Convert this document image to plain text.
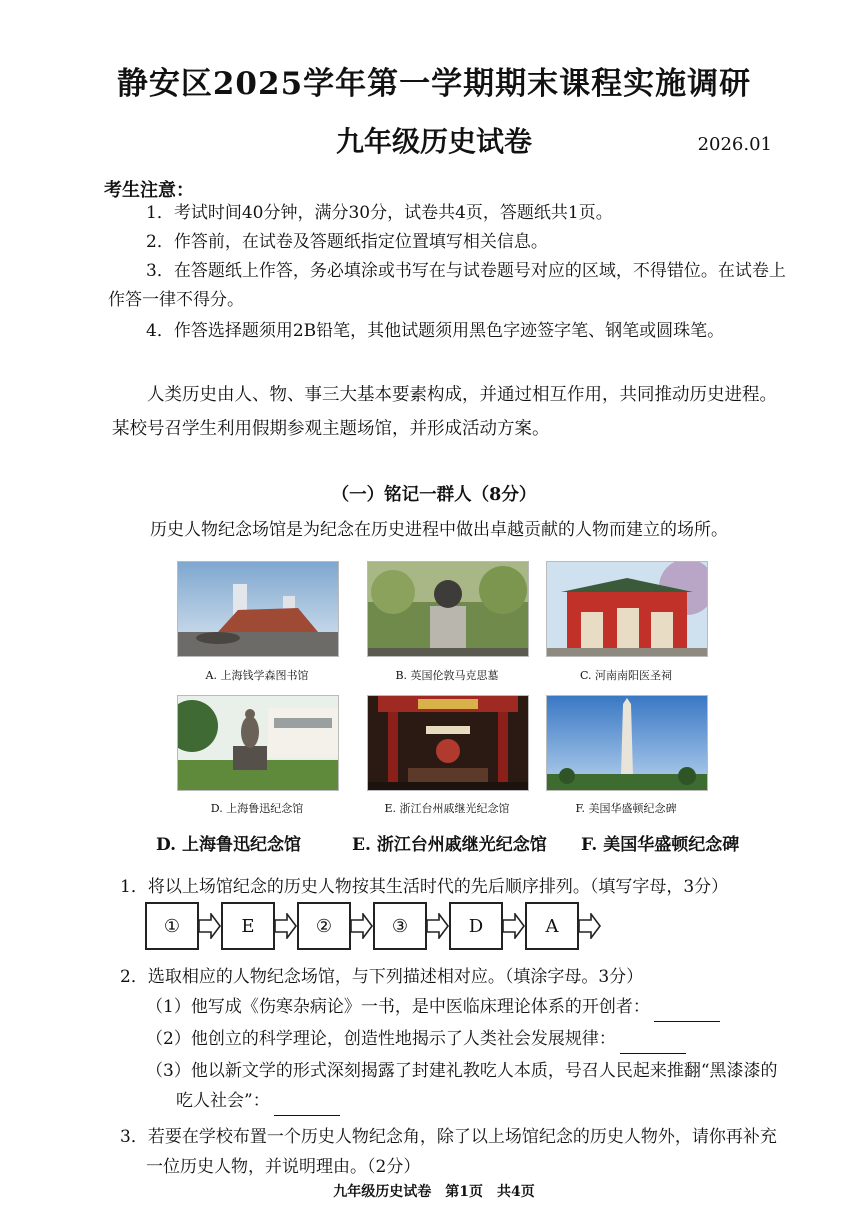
静安区2025学年第一学期期末课程实施调研
九年级历史试卷	2026.01
考生注意：
1．考试时间40分钟，满分30分，试卷共4页，答题纸共1页。
2．作答前，在试卷及答题纸指定位置填写相关信息。
3．在答题纸上作答，务必填涂或书写在与试卷题号对应的区域，不得错位。在试卷上
作答一律不得分。
4．作答选择题须用2B铅笔，其他试题须用黑色字迹签字笔、钢笔或圆珠笔。
人类历史由人、物、事三大基本要素构成，并通过相互作用，共同推动历史进程。某校号召学生利用假期参观主题场馆，并形成活动方案。
（一）铭记一群人（8分）
历史人物纪念场馆是为纪念在历史进程中做出卓越贡献的人物而建立的场所。
A. 上海钱学森图书馆	B. 英国伦敦马克思墓	C. 河南南阳医圣祠
D. 上海鲁迅纪念馆	E. 浙江台州戚继光纪念馆	F. 美国华盛顿纪念碑
D. 上海鲁迅纪念馆	E. 浙江台州戚继光纪念馆 F. 美国华盛顿纪念碑
1．将以上场馆纪念的历史人物按其生活时代的先后顺序排列。（填写字母，3分）
①	E	②	③	D	A
2．选取相应的人物纪念场馆，与下列描述相对应。（填涂字母。3分）
（1）他写成《伤寒杂病论》一书，是中医临床理论体系的开创者：
（2）他创立的科学理论，创造性地揭示了人类社会发展规律：
（3）他以新文学的形式深刻揭露了封建礼教吃人本质，号召人民起来推翻“黑漆漆的
吃人社会”：
3．若要在学校布置一个历史人物纪念角，除了以上场馆纪念的历史人物外，请你再补充
一位历史人物，并说明理由。（2分）
九年级历史试卷　第1页　共4页
